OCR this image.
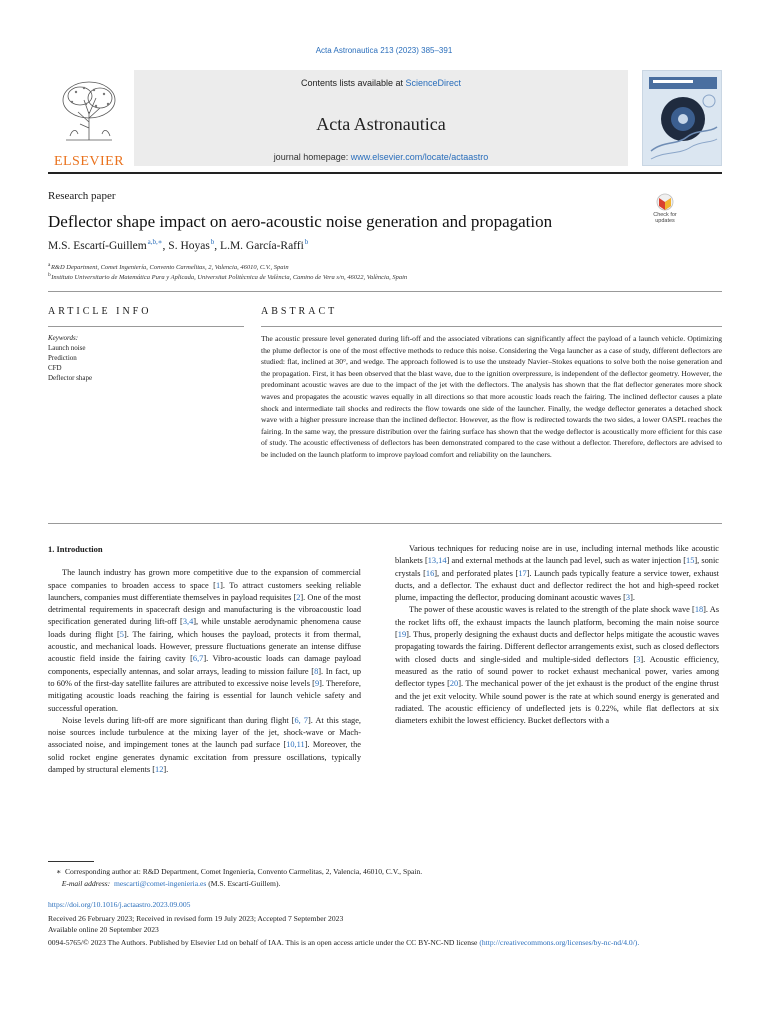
Acta Astronautica 213 (2023) 385–391
ELSEVIER
Contents lists available at ScienceDirect
Acta Astronautica
journal homepage: www.elsevier.com/locate/actaastro
Research paper
Deflector shape impact on aero-acoustic noise generation and propagation	Check for
updates
M.S. Escartí-Guillem $^{a,b,∗}$, S. Hoyas $^b$, L.M. García-Raffi $^b$
$^a$ R&D Department, Comet Ingeniería, Convento Carmelitas, 2, Valencia, 46010, C.V., Spain
$^b$ Instituto Universitario de Matemática Pura y Aplicada, Universitat Politècnica de València, Camino de Vera s/n, 46022, València, Spain
ARTICLE INFO	ABSTRACT
Keywords:
Launch noise
Prediction
CFD
Deflector shape
The acoustic pressure level generated during lift-off and the associated vibrations can significantly affect the payload of a launch vehicle. Optimizing the plume deflector is one of the most effective methods to reduce this noise. Considering the Vega launcher as a case of study, different deflectors are studied: flat, inclined at 30°, and wedge. The approach followed is to use the unsteady Navier–Stokes equations to solve both the noise generation and the propagation. First, it has been observed that the blast wave, due to the ignition overpressure, is independent of the deflector geometry. However, the predominant acoustic waves are due to the impact of the jet with the deflectors. The analysis has shown that the flat deflector generates more shock waves and propagates the acoustic waves equally in all directions so that more acoustic loads reach the fairing. The inclined deflector causes a plate shock and intermediate tail shocks and redirects the flow towards one side of the launcher. Finally, the wedge deflector generates a detached shock wave with a higher pressure increase than the inclined deflector. However, as the flow is redirected towards the two sides, a lower OASPL reaches the fairing. In the same way, the pressure distribution over the fairing surface has shown that the wedge deflector is acoustically more efficient for this case of study. The acoustic effectiveness of deflectors has been demonstrated compared to the case without a deflector. Therefore, deflectors are advised to be included on the launch platform to improve payload comfort and reliability on the launchers.
1. Introduction

The launch industry has grown more competitive due to the expansion of commercial space companies to broaden access to space [1]. To attract customers seeking reliable launchers, companies must differentiate themselves in payload requisites [2]. One of the most detrimental requirements in spacecraft design and manufacturing is the vibroacoustic load specification generated during lift-off [3,4], while unstable aerodynamic phenomena cause loads during flight [5]. The fairing, which houses the payload, protects it from thermal, acoustic, and mechanical loads. However, pressure fluctuations generate an intense diffuse acoustic field inside the fairing cavity [6,7]. Vibro-acoustic loads can damage payload components, especially antennas, and solar arrays, leading to mission failure [8]. In fact, up to 60% of the first-day satellite failures are attributed to excessive noise levels [9]. Therefore, mitigating acoustic loads reaching the fairing is essential for launch vehicle safety and successful operation.

Noise levels during lift-off are more significant than during flight [6, 7]. At this stage, noise sources include turbulence at the mixing layer of the jet, shock-wave or Mach-associated noise, and impingement tones at the launch pad surface [10,11]. Moreover, the solid rocket engine generates dynamic excitation from pressure oscillations, typically damped by structural elements [12].

Various techniques for reducing noise are in use, including internal methods like acoustic blankets [13,14] and external methods at the launch pad level, such as water injection [15], sonic crystals [16], and perforated plates [17]. Launch pads typically feature a service tower, exhaust ducts, and a deflector. The exhaust duct and deflector redirect the hot and high-speed rocket plume, impacting the deflector, producing dominant acoustic waves [3].

The power of these acoustic waves is related to the strength of the plate shock wave [18]. As the rocket lifts off, the exhaust impacts the launch platform, becoming the main noise source [19]. Thus, properly designing the exhaust ducts and deflector helps mitigate the acoustic waves propagating towards the fairing. Different deflector arrangements exist, such as closed deflectors with closed ducts and single-sided and multiple-sided deflectors [3]. Acoustic efficiency, measured as the ratio of sound power to rocket exhaust mechanical power, varies among deflector types [20]. The mechanical power of the jet exhaust is the product of the engine thrust and the jet exit velocity. While sound power is the rate at which sound energy is generated and radiated. The acoustic efficiency of undeflected jets is 0.22%, while flat deflectors at six diameters exhibit the lowest efficiency. Bucket deflectors with a

∗ Corresponding author at: R&D Department, Comet Ingeniería, Convento Carmelitas, 2, Valencia, 46010, C.V., Spain.
E-mail address: mescarti@comet-ingenieria.es (M.S. Escartí-Guillem).
https://doi.org/10.1016/j.actaastro.2023.09.005
Received 26 February 2023; Received in revised form 19 July 2023; Accepted 7 September 2023
Available online 20 September 2023
0094-5765/© 2023 The Authors. Published by Elsevier Ltd on behalf of IAA. This is an open access article under the CC BY-NC-ND license (http://creativecommons.org/licenses/by-nc-nd/4.0/).
